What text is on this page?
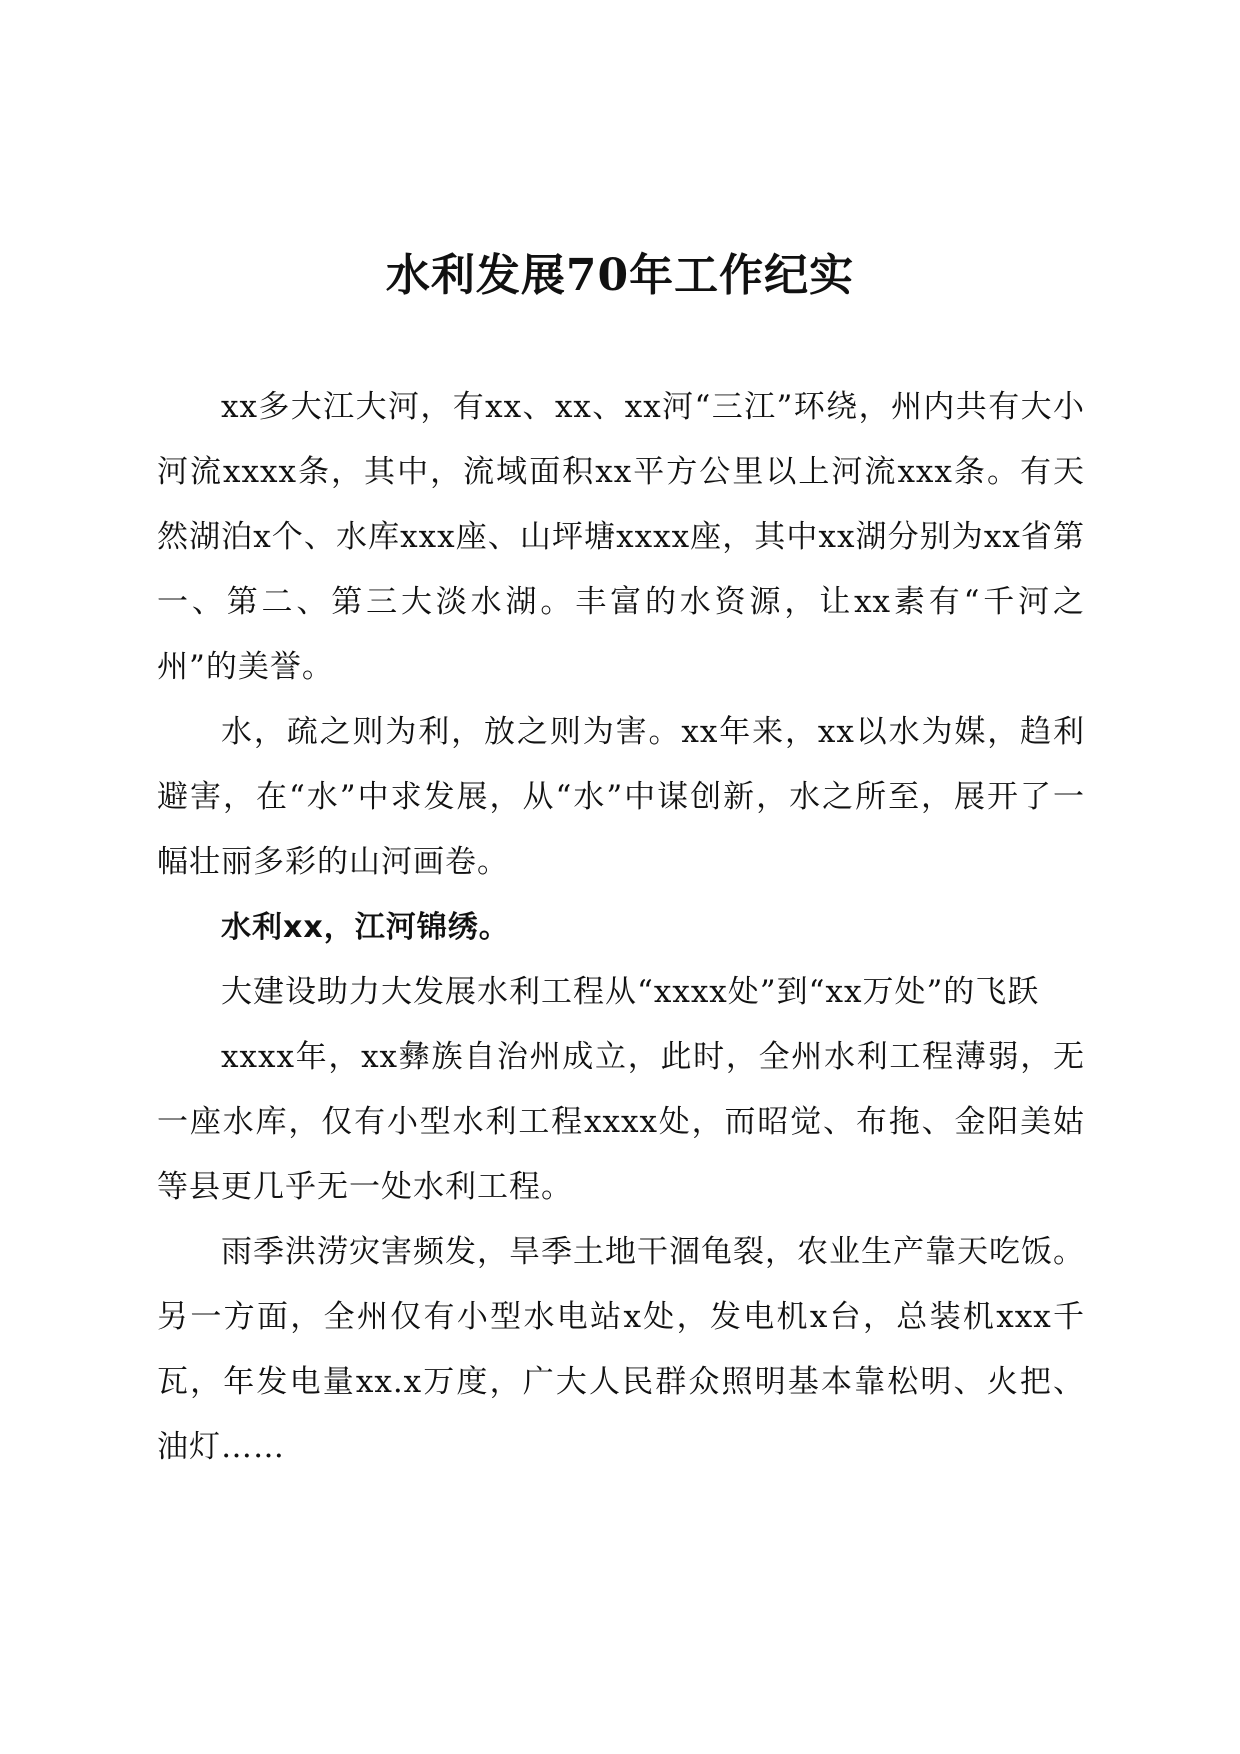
水利发展70年工作纪实

xx多大江大河，有xx、xx、xx河“三江”环绕，州内共有大小河流xxxx条，其中，流域面积xx平方公里以上河流xxx条。有天然湖泊x个、水库xxx座、山坪塘xxxx座，其中xx湖分别为xx省第一、第二、第三大淡水湖。丰富的水资源，让xx素有“千河之州”的美誉。

水，疏之则为利，放之则为害。xx年来，xx以水为媒，趋利避害，在“水”中求发展，从“水”中谋创新，水之所至，展开了一幅壮丽多彩的山河画卷。

水利xx，江河锦绣。

大建设助力大发展水利工程从“xxxx处”到“xx万处”的飞跃

xxxx年，xx彝族自治州成立，此时，全州水利工程薄弱，无一座水库，仅有小型水利工程xxxx处，而昭觉、布拖、金阳美姑等县更几乎无一处水利工程。

雨季洪涝灾害频发，旱季土地干涸龟裂，农业生产靠天吃饭。另一方面，全州仅有小型水电站x处，发电机x台，总装机xxx千瓦，年发电量xx.x万度，广大人民群众照明基本靠松明、火把、油灯……
